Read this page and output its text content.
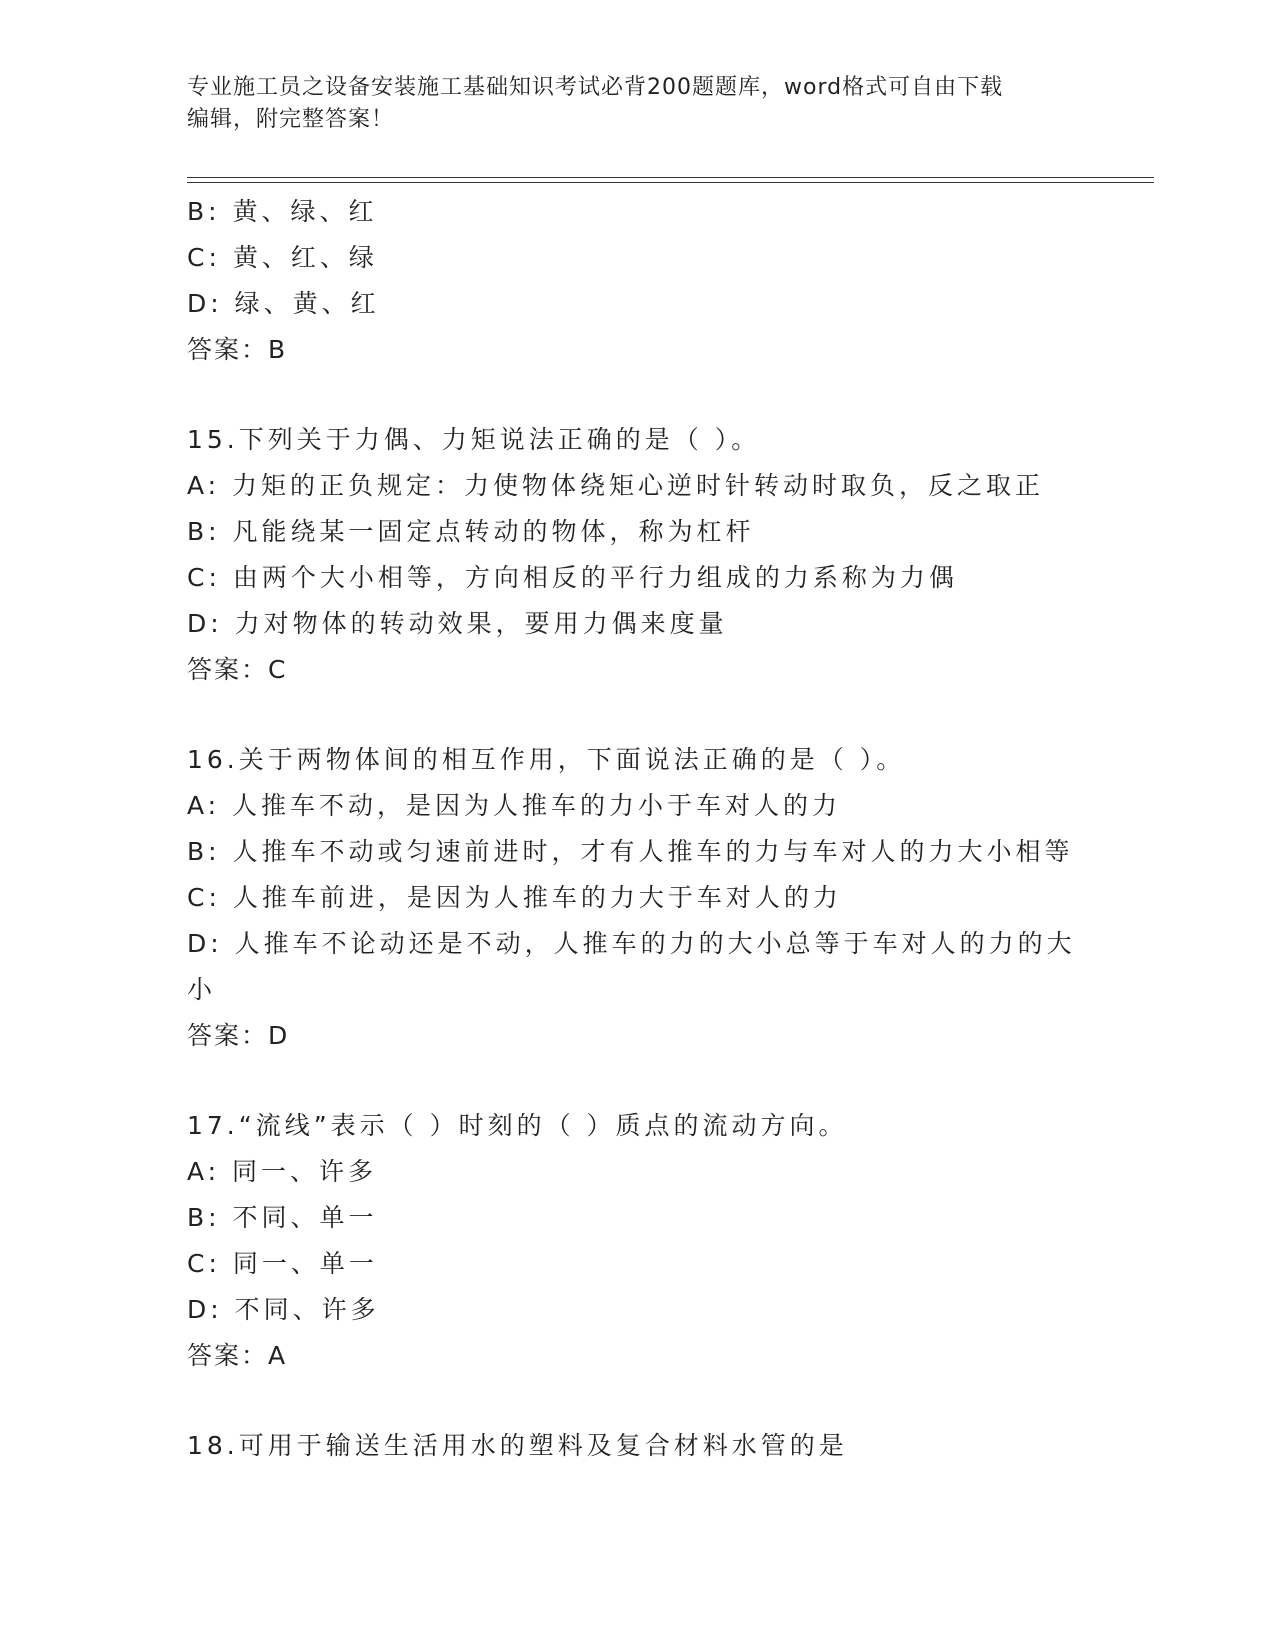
专业施工员之设备安装施工基础知识考试必背200题题库，word格式可自由下载
编辑，附完整答案！
B: 黄、绿、红
C: 黄、红、绿
D: 绿、黄、红
答案：B
15.下列关于力偶、力矩说法正确的是（ ）。
A: 力矩的正负规定：力使物体绕矩心逆时针转动时取负，反之取正
B: 凡能绕某一固定点转动的物体，称为杠杆
C: 由两个大小相等，方向相反的平行力组成的力系称为力偶
D: 力对物体的转动效果，要用力偶来度量
答案：C
16.关于两物体间的相互作用，下面说法正确的是（ ）。
A: 人推车不动，是因为人推车的力小于车对人的力
B: 人推车不动或匀速前进时，才有人推车的力与车对人的力大小相等
C: 人推车前进，是因为人推车的力大于车对人的力
D: 人推车不论动还是不动，人推车的力的大小总等于车对人的力的大
小
答案：D
17.“流线”表示（ ）时刻的（ ）质点的流动方向。
A: 同一、许多
B: 不同、单一
C: 同一、单一
D: 不同、许多
答案：A
18.可用于输送生活用水的塑料及复合材料水管的是
